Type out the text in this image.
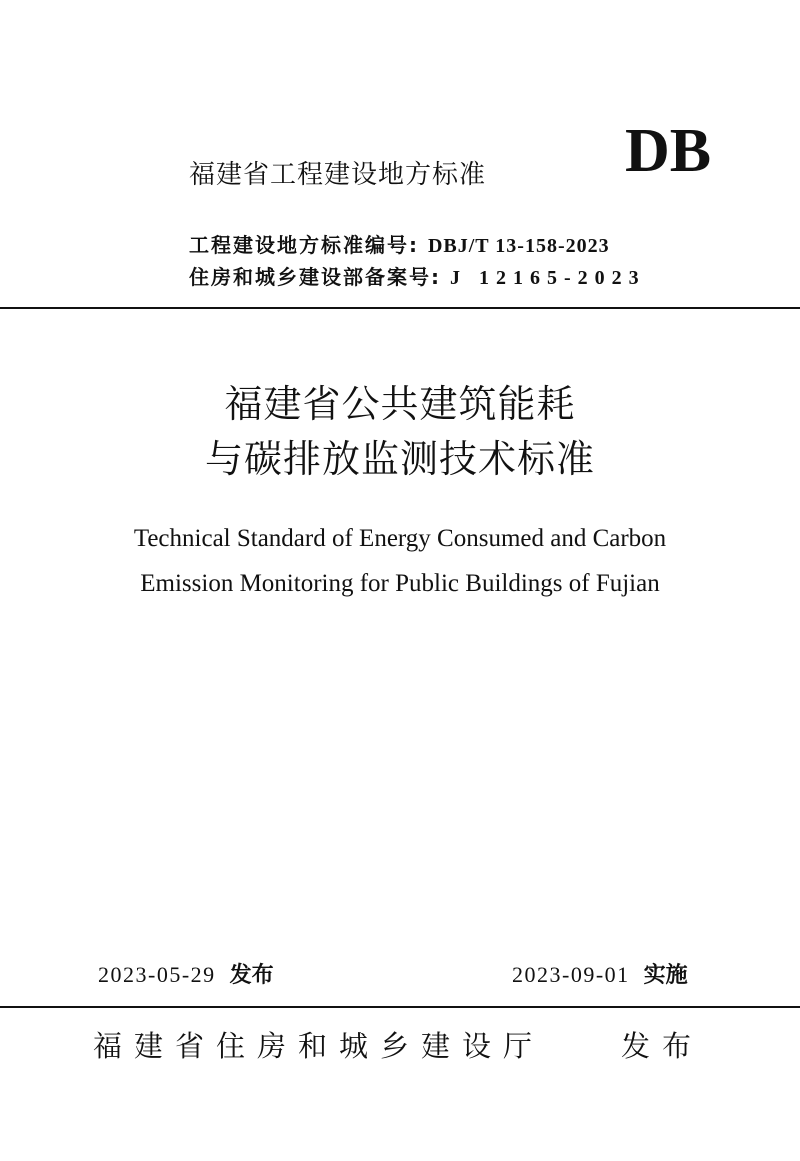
福建省工程建设地方标准 DB
工程建设地方标准编号: DBJ/T 13-158-2023
住房和城乡建设部备案号: J 12165-2023
福建省公共建筑能耗
与碳排放监测技术标准
Technical Standard of Energy Consumed and Carbon
Emission Monitoring for Public Buildings of Fujian
2023-05-29 发布	2023-09-01 实施
福建省住房和城乡建设厅	发布
